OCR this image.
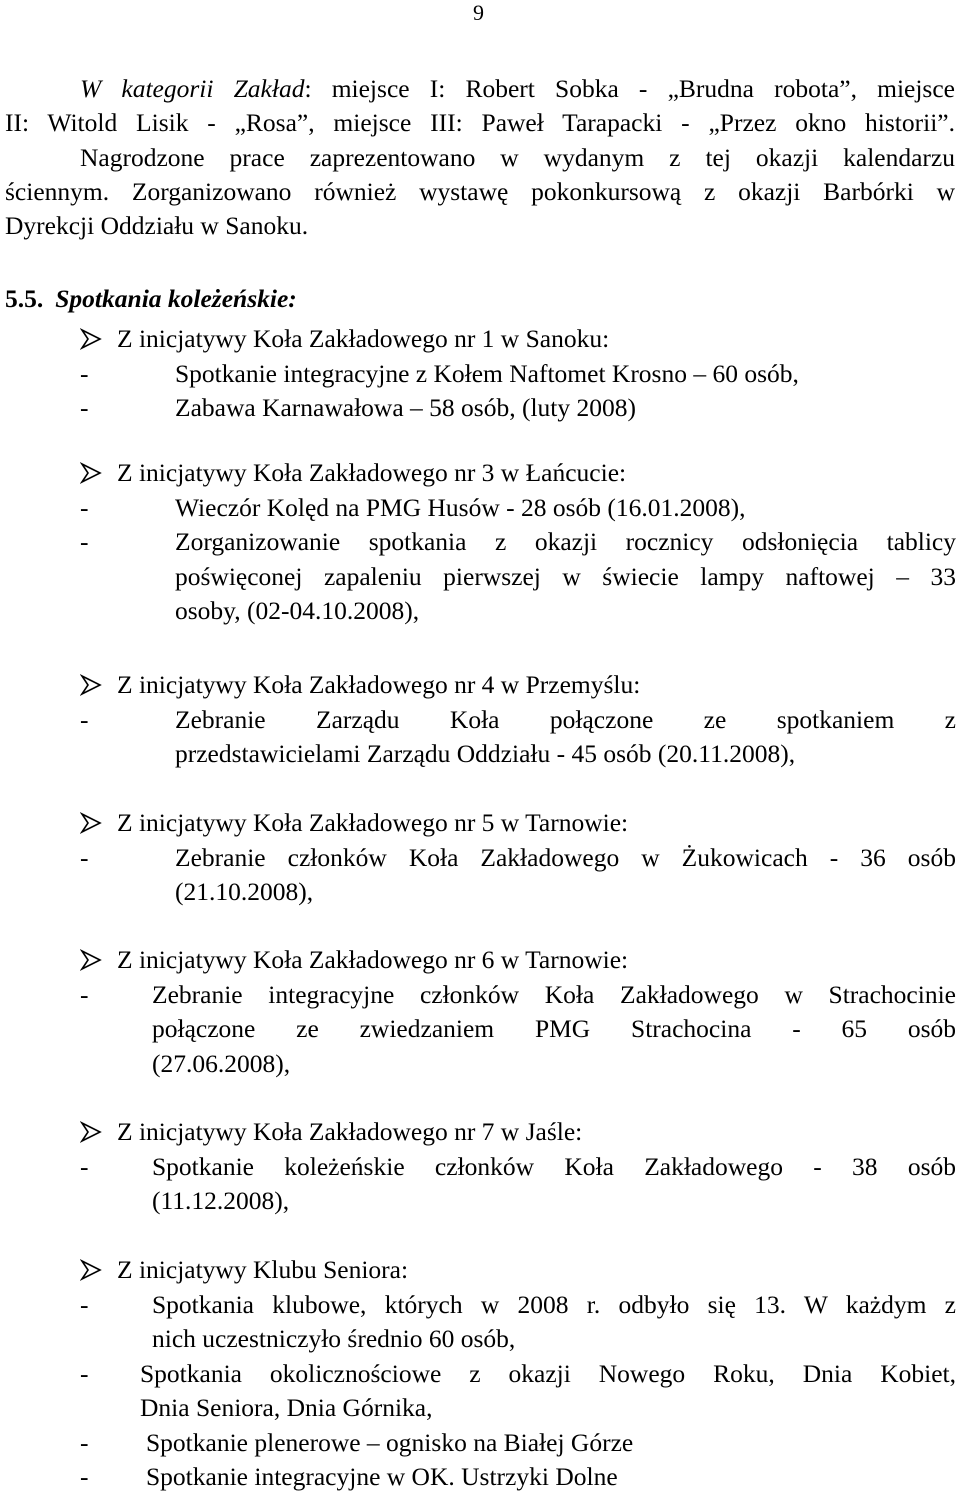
9
W kategorii Zakład: miejsce I: Robert Sobka - „Brudna robota”, miejsce
II: Witold Lisik - „Rosa”, miejsce III: Paweł Tarapacki - „Przez okno historii”.
Nagrodzone prace zaprezentowano w wydanym z tej okazji kalendarzu
ściennym. Zorganizowano również wystawę pokonkursową z okazji Barbórki w
Dyrekcji Oddziału w Sanoku.
5.5. Spotkania koleżeńskie:
Z inicjatywy Koła Zakładowego nr 1 w Sanoku:
-	Spotkanie integracyjne z Kołem Naftomet Krosno – 60 osób,
-	Zabawa Karnawałowa – 58 osób, (luty 2008)
Z inicjatywy Koła Zakładowego nr 3 w Łańcucie:
-	Wieczór Kolęd na PMG Husów - 28 osób (16.01.2008),
-	Zorganizowanie spotkania z okazji rocznicy odsłonięcia tablicy
poświęconej zapaleniu pierwszej w świecie lampy naftowej – 33
osoby, (02-04.10.2008),
Z inicjatywy Koła Zakładowego nr 4 w Przemyślu:
-	Zebranie Zarządu Koła połączone ze spotkaniem z
przedstawicielami Zarządu Oddziału - 45 osób (20.11.2008),
Z inicjatywy Koła Zakładowego nr 5 w Tarnowie:
-	Zebranie członków Koła Zakładowego w Żukowicach - 36 osób
(21.10.2008),
Z inicjatywy Koła Zakładowego nr 6 w Tarnowie:
-	Zebranie integracyjne członków Koła Zakładowego w Strachocinie
połączone ze zwiedzaniem PMG Strachocina - 65 osób
(27.06.2008),
Z inicjatywy Koła Zakładowego nr 7 w Jaśle:
-	Spotkanie koleżeńskie członków Koła Zakładowego - 38 osób
(11.12.2008),
Z inicjatywy Klubu Seniora:
-	Spotkania klubowe, których w 2008 r. odbyło się 13. W każdym z
nich uczestniczyło średnio 60 osób,
-	Spotkania okolicznościowe z okazji Nowego Roku, Dnia Kobiet,
Dnia Seniora, Dnia Górnika,
-	Spotkanie plenerowe – ognisko na Białej Górze
-	Spotkanie integracyjne w OK. Ustrzyki Dolne
